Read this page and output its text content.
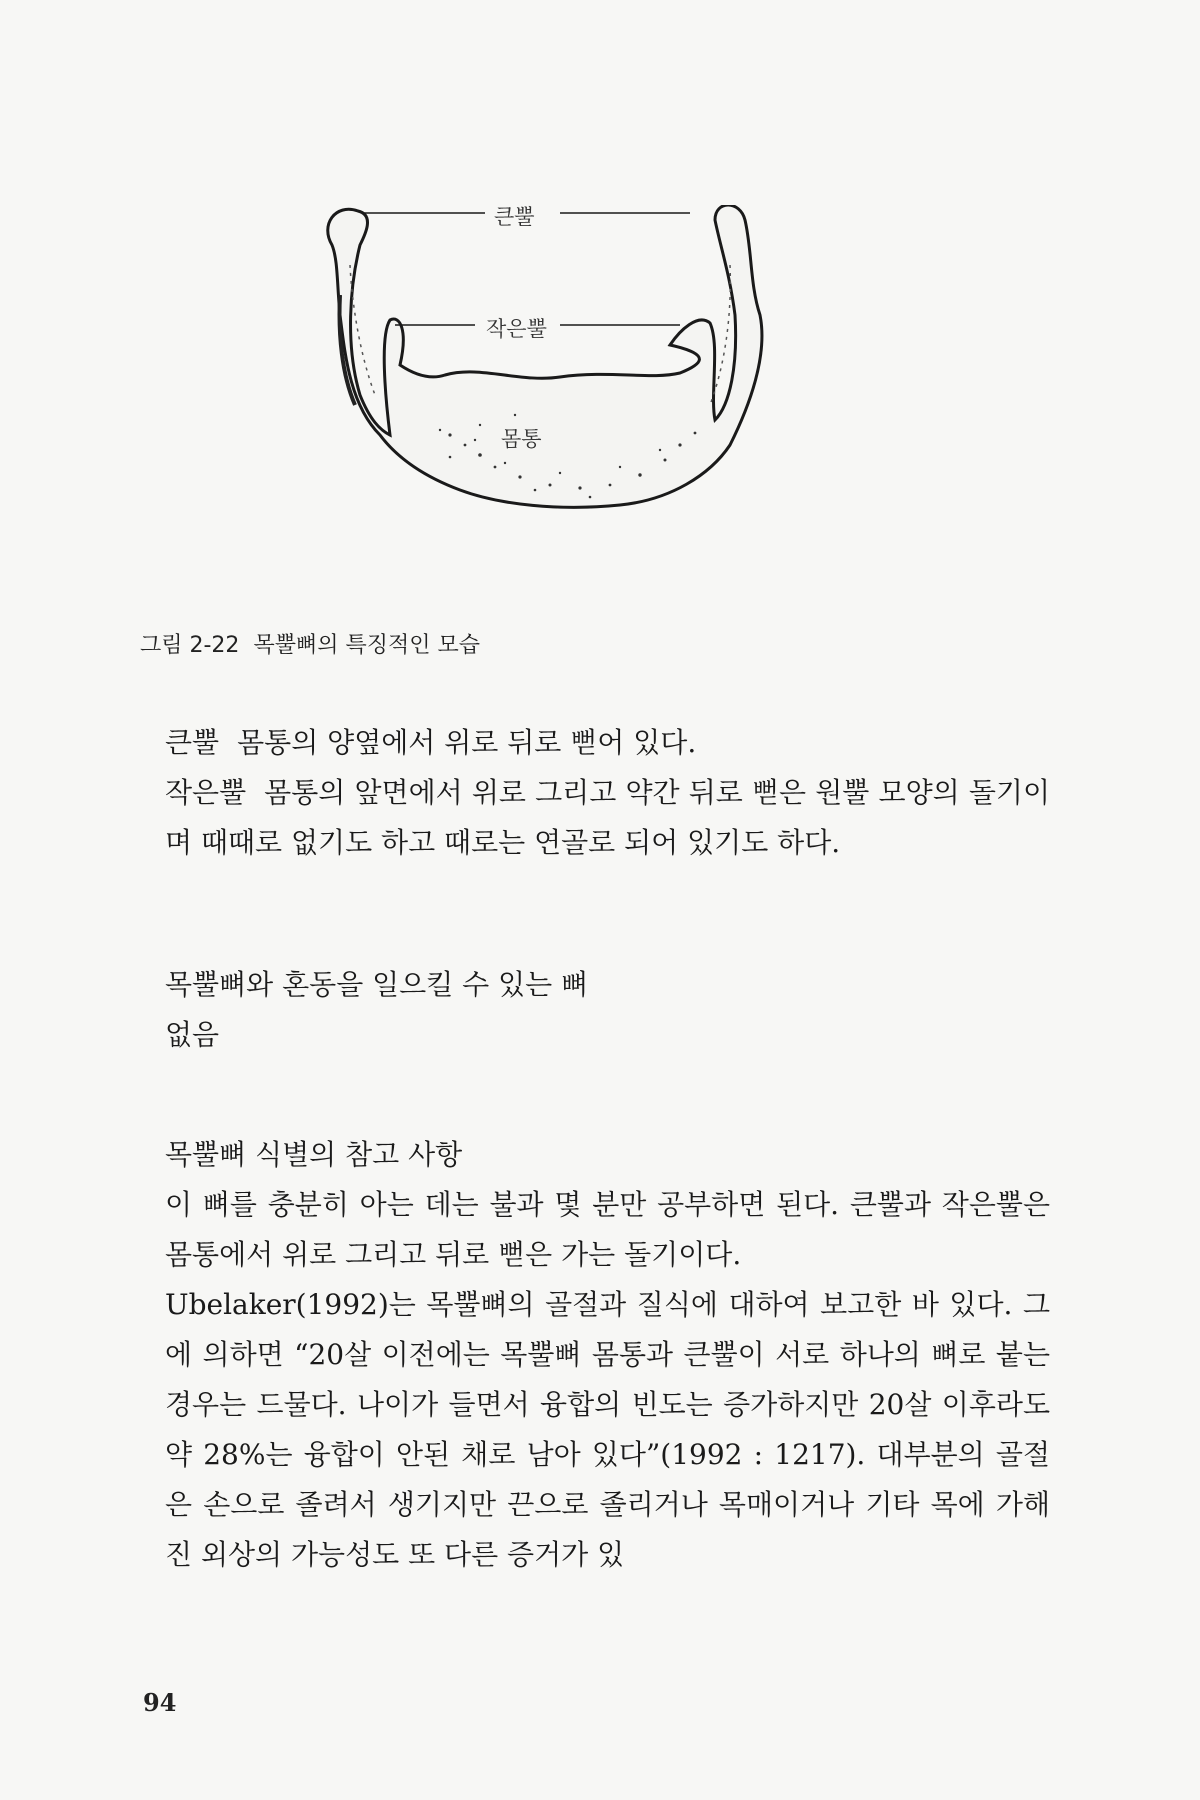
큰뿔
작은뿔
몸통
그림 2-22 목뿔뼈의 특징적인 모습
큰뿔 몸통의 양옆에서 위로 뒤로 뻗어 있다.
작은뿔 몸통의 앞면에서 위로 그리고 약간 뒤로 뻗은 원뿔 모양의 돌기이며 때때로 없기도 하고 때로는 연골로 되어 있기도 하다.
목뿔뼈와 혼동을 일으킬 수 있는 뼈
없음
목뿔뼈 식별의 참고 사항
이 뼈를 충분히 아는 데는 불과 몇 분만 공부하면 된다. 큰뿔과 작은뿔은 몸통에서 위로 그리고 뒤로 뻗은 가는 돌기이다.
Ubelaker(1992)는 목뿔뼈의 골절과 질식에 대하여 보고한 바 있다. 그에 의하면 “20살 이전에는 목뿔뼈 몸통과 큰뿔이 서로 하나의 뼈로 붙는 경우는 드물다. 나이가 들면서 융합의 빈도는 증가하지만 20살 이후라도 약 28%는 융합이 안된 채로 남아 있다”(1992 : 1217). 대부분의 골절은 손으로 졸려서 생기지만 끈으로 졸리거나 목매이거나 기타 목에 가해진 외상의 가능성도 또 다른 증거가 있
94
